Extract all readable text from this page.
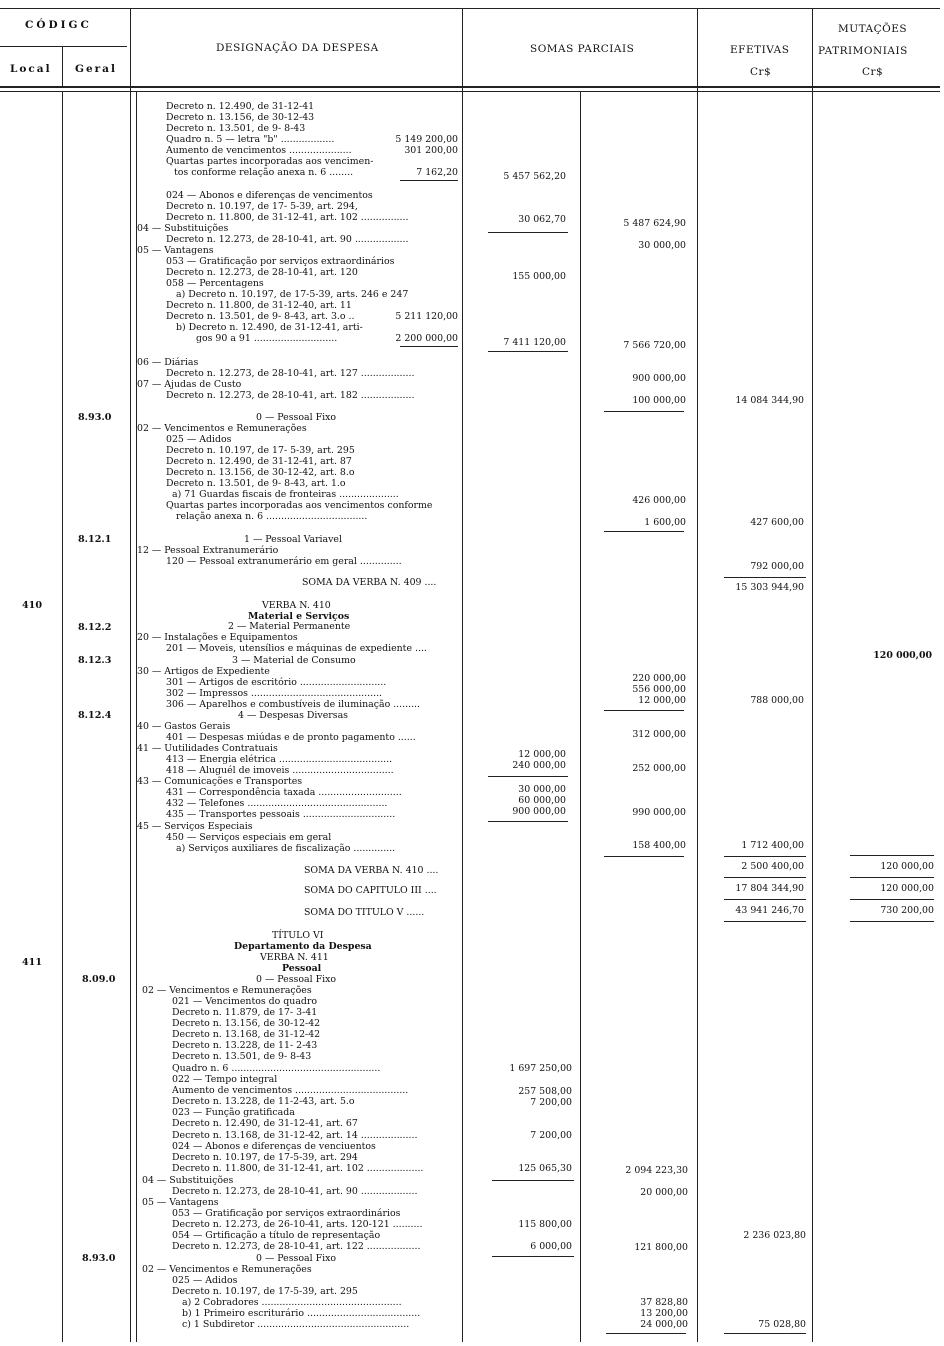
CÓDIGC
Local Geral
DESIGNAÇÃO DA DESPESA	SOMAS PARCIAIS	EFETIVAS
Cr$
MUTAÇÕES
PATRIMONIAIS
Cr$
Decreto n. 12.490, de 31-12-41
Decreto n. 13.156, de 30-12-43
Decreto n. 13.501, de 9- 8-43
Quadro n. 5 — letra "b" ..................
Aumento de vencimentos .....................
Quartas partes incorporadas aos vencimen-
tos conforme relação anexa n. 6 ........
024 — Abonos e diferenças de vencimentos
Decreto n. 10.197, de 17- 5-39, art. 294,
Decreto n. 11.800, de 31-12-41, art. 102 ................
04 — Substituições
Decreto n. 12.273, de 28-10-41, art. 90 ..................
05 — Vantagens
053 — Gratificação por serviços extraordinários
Decreto n. 12.273, de 28-10-41, art. 120
058 — Percentagens
a) Decreto n. 10.197, de 17-5-39, arts. 246 e 247
Decreto n. 11.800, de 31-12-40, art. 11
Decreto n. 13.501, de 9- 8-43, art. 3.o ..
b) Decreto n. 12.490, de 31-12-41, arti-
gos 90 a 91 ............................
06 — Diárias
Decreto n. 12.273, de 28-10-41, art. 127 ..................
07 — Ajudas de Custo
Decreto n. 12.273, de 28-10-41, art. 182 ..................
0 — Pessoal Fixo
02 — Vencimentos e Remunerações
025 — Adidos
Decreto n. 10.197, de 17- 5-39, art. 295
Decreto n. 12.490, de 31-12-41, art. 87
Decreto n. 13.156, de 30-12-42, art. 8.o
Decreto n. 13.501, de 9- 8-43, art. 1.o
a) 71 Guardas fiscais de fronteiras ....................
Quartas partes incorporadas aos vencimentos conforme
relação anexa n. 6 ..................................
1 — Pessoal Variavel
12 — Pessoal Extranumerário
120 — Pessoal extranumerário em geral ..............
SOMA DA VERBA N. 409 ....
VERBA N. 410
Material e Serviços
2 — Material Permanente
20 — Instalações e Equipamentos
201 — Moveis, utensílios e máquinas de expediente ....
3 — Material de Consumo
30 — Artigos de Expediente
301 — Artigos de escritório .............................
302 — Impressos ............................................
306 — Aparelhos e combustíveis de iluminação .........
4 — Despesas Diversas
40 — Gastos Gerais
401 — Despesas miúdas e de pronto pagamento ......
41 — Uutilidades Contratuais
413 — Energia elétrica ......................................
418 — Aluguél de imoveis ..................................
43 — Comunicações e Transportes
431 — Correspondência taxada ............................
432 — Telefones ...............................................
435 — Transportes pessoais ...............................
45 — Serviços Especiais
450 — Serviços especiais em geral
a) Serviços auxiliares de fiscalização ..............
SOMA DA VERBA N. 410 ....
SOMA DO CAPITULO III ....
SOMA DO TITULO V ......
TÍTULO VI
Departamento da Despesa
VERBA N. 411
Pessoal
0 — Pessoal Fixo
02 — Vencimentos e Remunerações
021 — Vencimentos do quadro
Decreto n. 11.879, de 17- 3-41
Decreto n. 13.156, de 30-12-42
Decreto n. 13.168, de 31-12-42
Decreto n. 13.228, de 11- 2-43
Decreto n. 13.501, de 9- 8-43
Quadro n. 6 ..................................................
022 — Tempo integral
Aumento de vencimentos ......................................
Decreto n. 13.228, de 11-2-43, art. 5.o
023 — Função gratificada
Decreto n. 12.490, de 31-12-41, art. 67
Decreto n. 13.168, de 31-12-42, art. 14 ...................
024 — Abonos e diferenças de venciuentos
Decreto n. 10.197, de 17-5-39, art. 294
Decreto n. 11.800, de 31-12-41, art. 102 ...................
04 — Substituições
Decreto n. 12.273, de 28-10-41, art. 90 ...................
05 — Vantagens
053 — Gratificação por serviços extraordinários
Decreto n. 12.273, de 26-10-41, arts. 120-121 ..........
054 — Grtificação a título de representação
Decreto n. 12.273, de 28-10-41, art. 122 ..................
0 — Pessoal Fixo
02 — Vencimentos e Remunerações
025 — Adidos
Decreto n. 10.197, de 17-5-39, art. 295
a) 2 Cobradores ...............................................
b) 1 Primeiro escriturário ......................................
c) 1 Subdiretor ...................................................
5 149 200,00
301 200,00
7 162,20
5 211 120,00
2 200 000,00
410
411
8.93.0
8.12.1
8.12.2
8.12.3
8.12.4
8.09.0
8.93.0
5 457 562,20
30 062,70
155 000,00
7 411 120,00
12 000,00
240 000,00
30 000,00
60 000,00
900 000,00
1 697 250,00
257 508,00
7 200,00
7 200,00
125 065,30
115 800,00
6 000,00
5 487 624,90
30 000,00
7 566 720,00
900 000,00
100 000,00
426 000,00
1 600,00
220 000,00
556 000,00
12 000,00
312 000,00
252 000,00
990 000,00
158 400,00
2 094 223,30
20 000,00
121 800,00
37 828,80
13 200,00
24 000,00
14 084 344,90
427 600,00
792 000,00
15 303 944,90
788 000,00
1 712 400,00
2 500 400,00
17 804 344,90
43 941 246,70
2 236 023,80
75 028,80
120 000,00
120 000,00
120 000,00
730 200,00
